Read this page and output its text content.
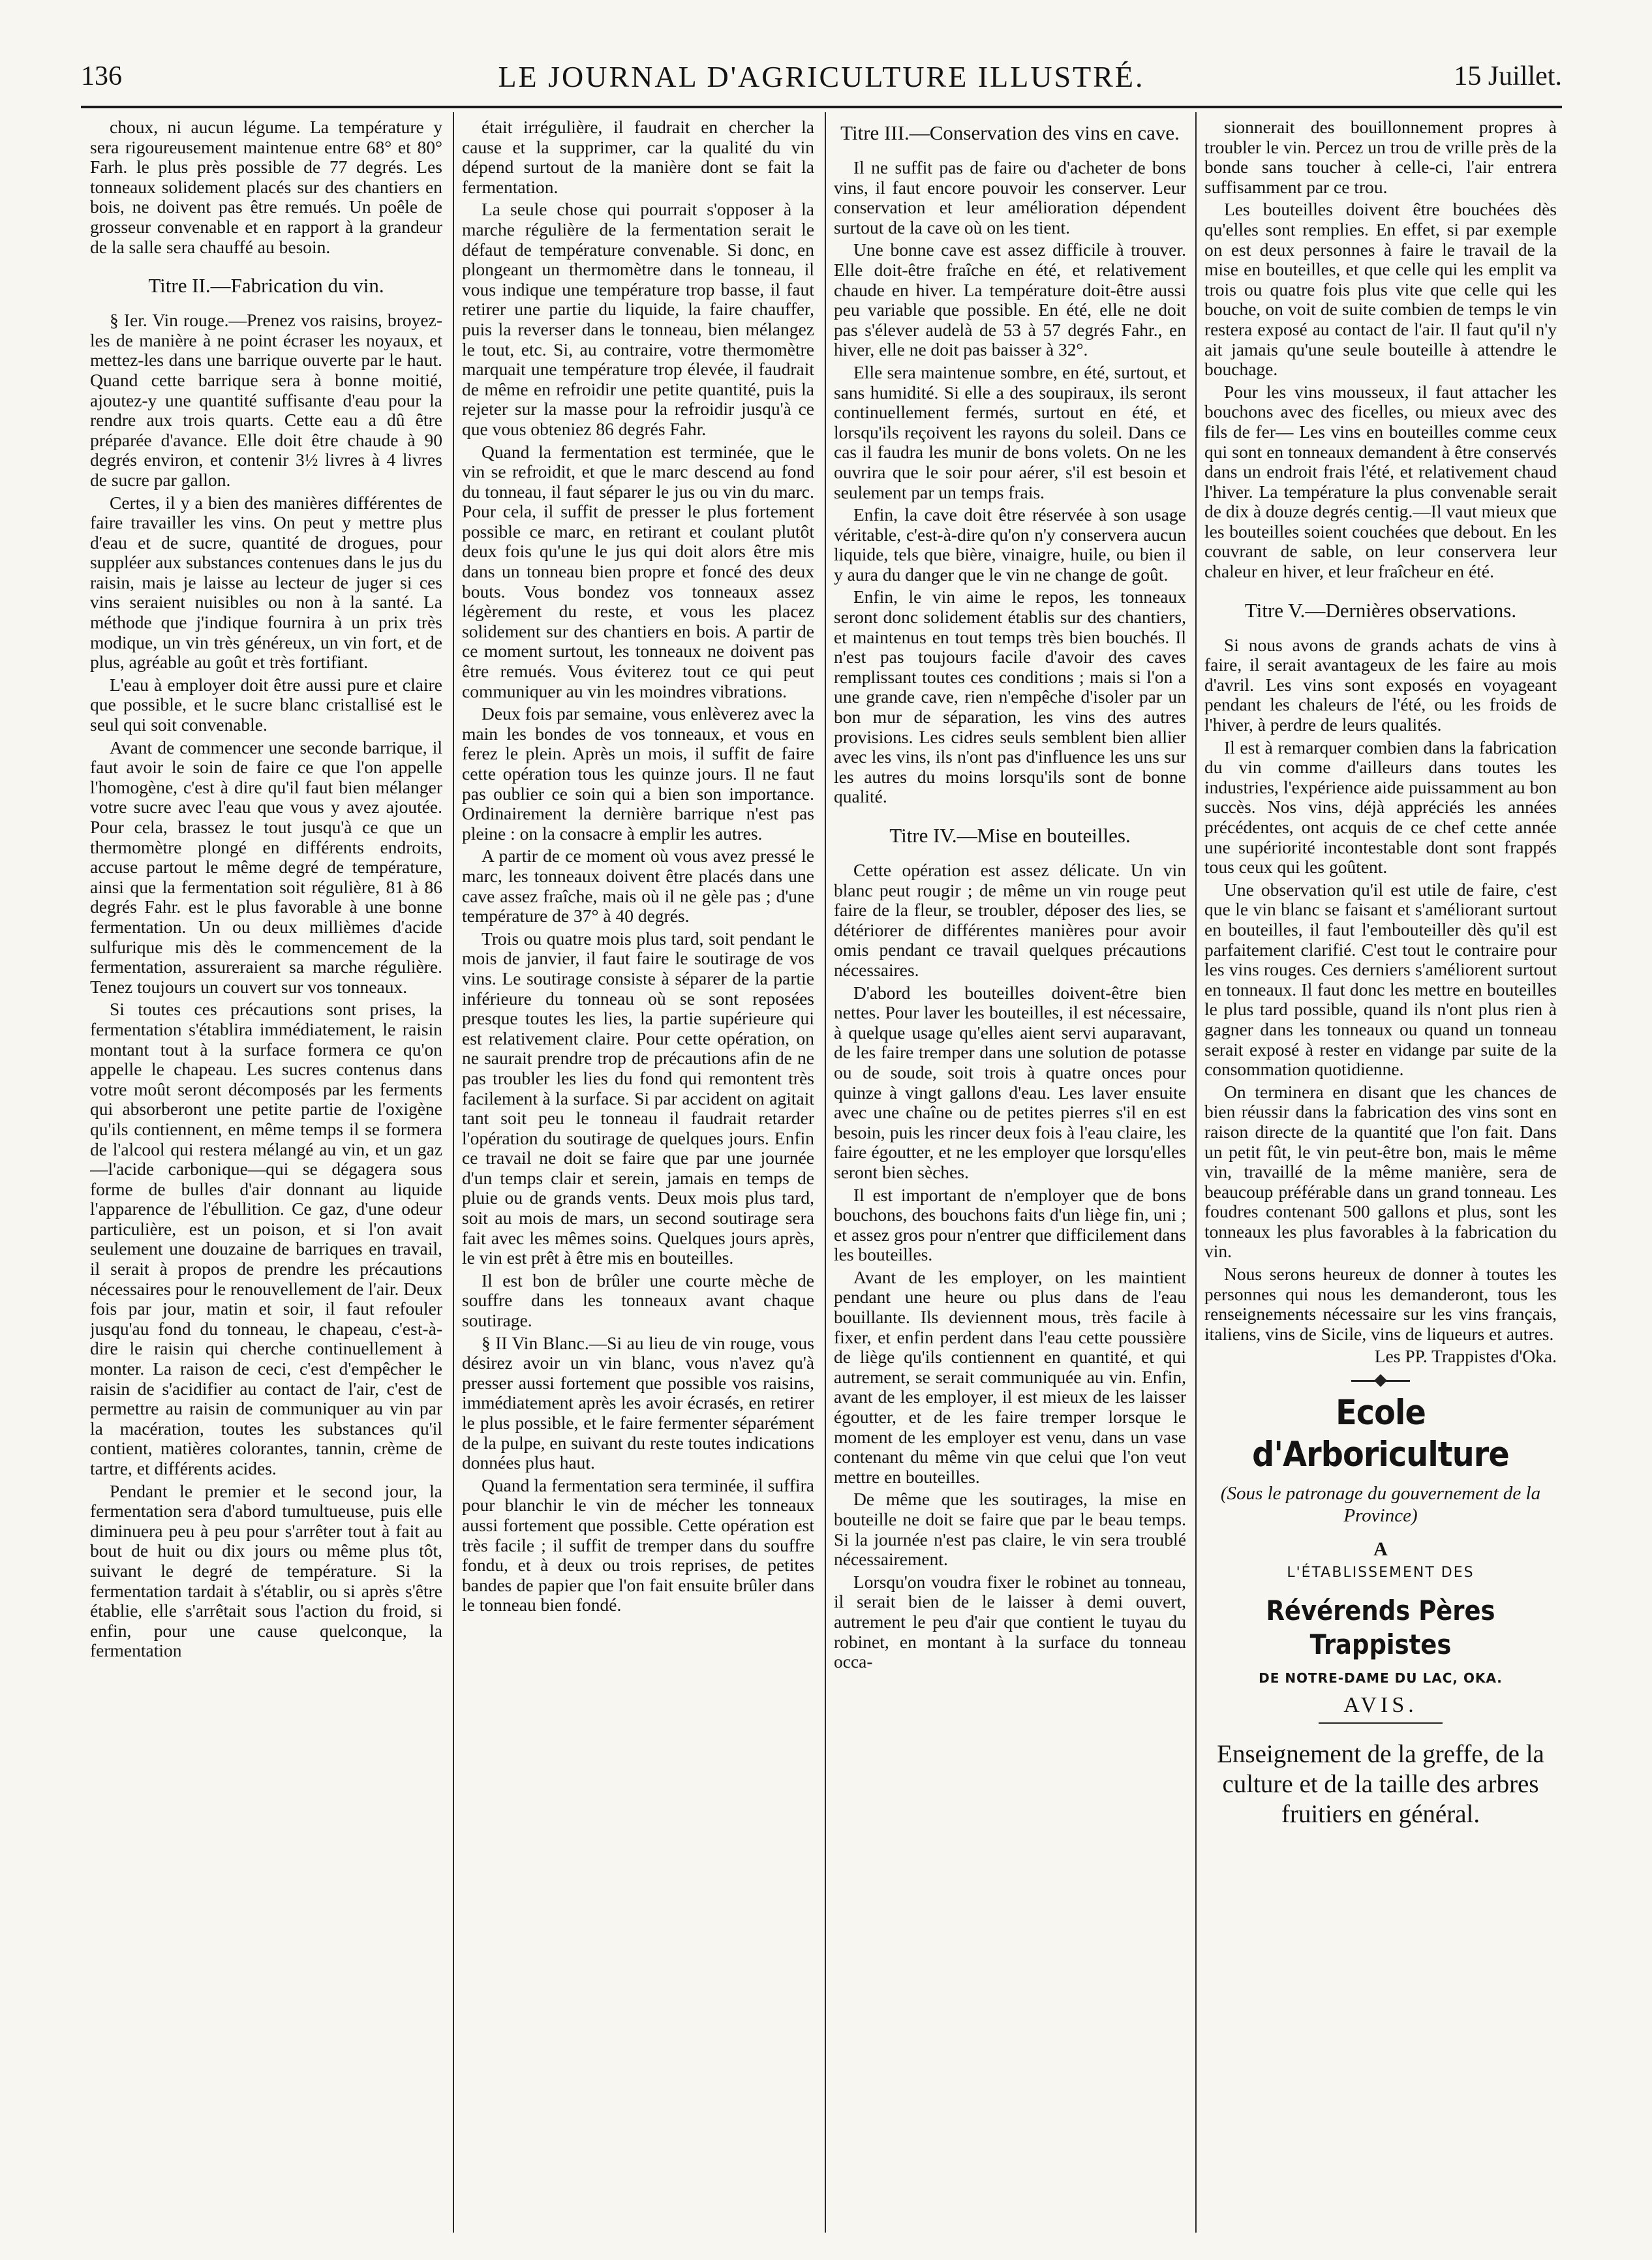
136	LE JOURNAL D'AGRICULTURE ILLUSTRÉ.	15 Juillet.

choux, ni aucun légume. La température y sera rigoureusement maintenue entre 68° et 80° Farh. le plus près possible de 77 degrés. Les tonneaux solidement placés sur des chantiers en bois, ne doivent pas être remués. Un poêle de grosseur convenable et en rapport à la grandeur de la salle sera chauffé au besoin.

Titre II.—Fabrication du vin.

§ Ier. Vin rouge.—Prenez vos raisins, broyez-les de manière à ne point écraser les noyaux, et mettez-les dans une barrique ouverte par le haut. Quand cette barrique sera à bonne moitié, ajoutez-y une quantité suffisante d'eau pour la rendre aux trois quarts. Cette eau a dû être préparée d'avance. Elle doit être chaude à 90 degrés environ, et contenir 3½ livres à 4 livres de sucre par gallon.

Certes, il y a bien des manières différentes de faire travailler les vins. On peut y mettre plus d'eau et de sucre, quantité de drogues, pour suppléer aux substances contenues dans le jus du raisin, mais je laisse au lecteur de juger si ces vins seraient nuisibles ou non à la santé. La méthode que j'indique fournira à un prix très modique, un vin très généreux, un vin fort, et de plus, agréable au goût et très fortifiant.

L'eau à employer doit être aussi pure et claire que possible, et le sucre blanc cristallisé est le seul qui soit convenable.

Avant de commencer une seconde barrique, il faut avoir le soin de faire ce que l'on appelle l'homogène, c'est à dire qu'il faut bien mélanger votre sucre avec l'eau que vous y avez ajoutée. Pour cela, brassez le tout jusqu'à ce que un thermomètre plongé en différents endroits, accuse partout le même degré de température, ainsi que la fermentation soit régulière, 81 à 86 degrés Fahr. est le plus favorable à une bonne fermentation. Un ou deux millièmes d'acide sulfurique mis dès le commencement de la fermentation, assureraient sa marche régulière. Tenez toujours un couvert sur vos tonneaux.

Si toutes ces précautions sont prises, la fermentation s'établira immédiatement, le raisin montant tout à la surface formera ce qu'on appelle le chapeau. Les sucres contenus dans votre moût seront décomposés par les ferments qui absorberont une petite partie de l'oxigène qu'ils contiennent, en même temps il se formera de l'alcool qui restera mélangé au vin, et un gaz—l'acide carbonique—qui se dégagera sous forme de bulles d'air donnant au liquide l'apparence de l'ébullition. Ce gaz, d'une odeur particulière, est un poison, et si l'on avait seulement une douzaine de barriques en travail, il serait à propos de prendre les précautions nécessaires pour le renouvellement de l'air. Deux fois par jour, matin et soir, il faut refouler jusqu'au fond du tonneau, le chapeau, c'est-à-dire le raisin qui cherche continuellement à monter. La raison de ceci, c'est d'empêcher le raisin de s'acidifier au contact de l'air, c'est de permettre au raisin de communiquer au vin par la macération, toutes les substances qu'il contient, matières colorantes, tannin, crème de tartre, et différents acides.

Pendant le premier et le second jour, la fermentation sera d'abord tumultueuse, puis elle diminuera peu à peu pour s'arrêter tout à fait au bout de huit ou dix jours ou même plus tôt, suivant le degré de température. Si la fermentation tardait à s'établir, ou si après s'être établie, elle s'arrêtait sous l'action du froid, si enfin, pour une cause quelconque, la fermentation

était irrégulière, il faudrait en chercher la cause et la supprimer, car la qualité du vin dépend surtout de la manière dont se fait la fermentation.

La seule chose qui pourrait s'opposer à la marche régulière de la fermentation serait le défaut de température convenable. Si donc, en plongeant un thermomètre dans le tonneau, il vous indique une température trop basse, il faut retirer une partie du liquide, la faire chauffer, puis la reverser dans le tonneau, bien mélangez le tout, etc. Si, au contraire, votre thermomètre marquait une température trop élevée, il faudrait de même en refroidir une petite quantité, puis la rejeter sur la masse pour la refroidir jusqu'à ce que vous obteniez 86 degrés Fahr.

Quand la fermentation est terminée, que le vin se refroidit, et que le marc descend au fond du tonneau, il faut séparer le jus ou vin du marc. Pour cela, il suffit de presser le plus fortement possible ce marc, en retirant et coulant plutôt deux fois qu'une le jus qui doit alors être mis dans un tonneau bien propre et foncé des deux bouts. Vous bondez vos tonneaux assez légèrement du reste, et vous les placez solidement sur des chantiers en bois. A partir de ce moment surtout, les tonneaux ne doivent pas être remués. Vous éviterez tout ce qui peut communiquer au vin les moindres vibrations.

Deux fois par semaine, vous enlèverez avec la main les bondes de vos tonneaux, et vous en ferez le plein. Après un mois, il suffit de faire cette opération tous les quinze jours. Il ne faut pas oublier ce soin qui a bien son importance. Ordinairement la dernière barrique n'est pas pleine : on la consacre à emplir les autres.

A partir de ce moment où vous avez pressé le marc, les tonneaux doivent être placés dans une cave assez fraîche, mais où il ne gèle pas ; d'une température de 37° à 40 degrés.

Trois ou quatre mois plus tard, soit pendant le mois de janvier, il faut faire le soutirage de vos vins. Le soutirage consiste à séparer de la partie inférieure du tonneau où se sont reposées presque toutes les lies, la partie supérieure qui est relativement claire. Pour cette opération, on ne saurait prendre trop de précautions afin de ne pas troubler les lies du fond qui remontent très facilement à la surface. Si par accident on agitait tant soit peu le tonneau il faudrait retarder l'opération du soutirage de quelques jours. Enfin ce travail ne doit se faire que par une journée d'un temps clair et serein, jamais en temps de pluie ou de grands vents. Deux mois plus tard, soit au mois de mars, un second soutirage sera fait avec les mêmes soins. Quelques jours après, le vin est prêt à être mis en bouteilles.

Il est bon de brûler une courte mèche de souffre dans les tonneaux avant chaque soutirage.

§ II Vin Blanc.—Si au lieu de vin rouge, vous désirez avoir un vin blanc, vous n'avez qu'à presser aussi fortement que possible vos raisins, immédiatement après les avoir écrasés, en retirer le plus possible, et le faire fermenter séparément de la pulpe, en suivant du reste toutes indications données plus haut.

Quand la fermentation sera terminée, il suffira pour blanchir le vin de mécher les tonneaux aussi fortement que possible. Cette opération est très facile ; il suffit de tremper dans du souffre fondu, et à deux ou trois reprises, de petites bandes de papier que l'on fait ensuite brûler dans le tonneau bien fondé.

Titre III.—Conservation des vins en cave.

Il ne suffit pas de faire ou d'acheter de bons vins, il faut encore pouvoir les conserver. Leur conservation et leur amélioration dépendent surtout de la cave où on les tient.

Une bonne cave est assez difficile à trouver. Elle doit-être fraîche en été, et relativement chaude en hiver. La température doit-être aussi peu variable que possible. En été, elle ne doit pas s'élever audelà de 53 à 57 degrés Fahr., en hiver, elle ne doit pas baisser à 32°.

Elle sera maintenue sombre, en été, surtout, et sans humidité. Si elle a des soupiraux, ils seront continuellement fermés, surtout en été, et lorsqu'ils reçoivent les rayons du soleil. Dans ce cas il faudra les munir de bons volets. On ne les ouvrira que le soir pour aérer, s'il est besoin et seulement par un temps frais.

Enfin, la cave doit être réservée à son usage véritable, c'est-à-dire qu'on n'y conservera aucun liquide, tels que bière, vinaigre, huile, ou bien il y aura du danger que le vin ne change de goût.

Enfin, le vin aime le repos, les tonneaux seront donc solidement établis sur des chantiers, et maintenus en tout temps très bien bouchés. Il n'est pas toujours facile d'avoir des caves remplissant toutes ces conditions ; mais si l'on a une grande cave, rien n'empêche d'isoler par un bon mur de séparation, les vins des autres provisions. Les cidres seuls semblent bien allier avec les vins, ils n'ont pas d'influence les uns sur les autres du moins lorsqu'ils sont de bonne qualité.

Titre IV.—Mise en bouteilles.

Cette opération est assez délicate. Un vin blanc peut rougir ; de même un vin rouge peut faire de la fleur, se troubler, déposer des lies, se détériorer de différentes manières pour avoir omis pendant ce travail quelques précautions nécessaires.

D'abord les bouteilles doivent-être bien nettes. Pour laver les bouteilles, il est nécessaire, à quelque usage qu'elles aient servi auparavant, de les faire tremper dans une solution de potasse ou de soude, soit trois à quatre onces pour quinze à vingt gallons d'eau. Les laver ensuite avec une chaîne ou de petites pierres s'il en est besoin, puis les rincer deux fois à l'eau claire, les faire égoutter, et ne les employer que lorsqu'elles seront bien sèches.

Il est important de n'employer que de bons bouchons, des bouchons faits d'un liège fin, uni ; et assez gros pour n'entrer que difficilement dans les bouteilles.

Avant de les employer, on les maintient pendant une heure ou plus dans de l'eau bouillante. Ils deviennent mous, très facile à fixer, et enfin perdent dans l'eau cette poussière de liège qu'ils contiennent en quantité, et qui autrement, se serait communiquée au vin. Enfin, avant de les employer, il est mieux de les laisser égoutter, et de les faire tremper lorsque le moment de les employer est venu, dans un vase contenant du même vin que celui que l'on veut mettre en bouteilles.

De même que les soutirages, la mise en bouteille ne doit se faire que par le beau temps. Si la journée n'est pas claire, le vin sera troublé nécessairement.

Lorsqu'on voudra fixer le robinet au tonneau, il serait bien de le laisser à demi ouvert, autrement le peu d'air que contient le tuyau du robinet, en montant à la surface du tonneau occa-

sionnerait des bouillonnement propres à troubler le vin. Percez un trou de vrille près de la bonde sans toucher à celle-ci, l'air entrera suffisamment par ce trou.

Les bouteilles doivent être bouchées dès qu'elles sont remplies. En effet, si par exemple on est deux personnes à faire le travail de la mise en bouteilles, et que celle qui les emplit va trois ou quatre fois plus vite que celle qui les bouche, on voit de suite combien de temps le vin restera exposé au contact de l'air. Il faut qu'il n'y ait jamais qu'une seule bouteille à attendre le bouchage.

Pour les vins mousseux, il faut attacher les bouchons avec des ficelles, ou mieux avec des fils de fer— Les vins en bouteilles comme ceux qui sont en tonneaux demandent à être conservés dans un endroit frais l'été, et relativement chaud l'hiver. La température la plus convenable serait de dix à douze degrés centig.—Il vaut mieux que les bouteilles soient couchées que debout. En les couvrant de sable, on leur conservera leur chaleur en hiver, et leur fraîcheur en été.

Titre V.—Dernières observations.

Si nous avons de grands achats de vins à faire, il serait avantageux de les faire au mois d'avril. Les vins sont exposés en voyageant pendant les chaleurs de l'été, ou les froids de l'hiver, à perdre de leurs qualités.

Il est à remarquer combien dans la fabrication du vin comme d'ailleurs dans toutes les industries, l'expérience aide puissamment au bon succès. Nos vins, déjà appréciés les années précédentes, ont acquis de ce chef cette année une supériorité incontestable dont sont frappés tous ceux qui les goûtent.

Une observation qu'il est utile de faire, c'est que le vin blanc se faisant et s'améliorant surtout en bouteilles, il faut l'embouteiller dès qu'il est parfaitement clarifié. C'est tout le contraire pour les vins rouges. Ces derniers s'améliorent surtout en tonneaux. Il faut donc les mettre en bouteilles le plus tard possible, quand ils n'ont plus rien à gagner dans les tonneaux ou quand un tonneau serait exposé à rester en vidange par suite de la consommation quotidienne.

On terminera en disant que les chances de bien réussir dans la fabrication des vins sont en raison directe de la quantité que l'on fait. Dans un petit fût, le vin peut-être bon, mais le même vin, travaillé de la même manière, sera de beaucoup préférable dans un grand tonneau. Les foudres contenant 500 gallons et plus, sont les tonneaux les plus favorables à la fabrication du vin.

Nous serons heureux de donner à toutes les personnes qui nous les demanderont, tous les renseignements nécessaire sur les vins français, italiens, vins de Sicile, vins de liqueurs et autres.

Les PP. Trappistes d'Oka.

Ecole d'Arboriculture
(Sous le patronage du gouvernement de la Province)
A
L'ÉTABLISSEMENT DES
Révérends Pères Trappistes
DE NOTRE-DAME DU LAC, OKA.
AVIS.
Enseignement de la greffe, de la culture et de la taille des arbres fruitiers en général.
